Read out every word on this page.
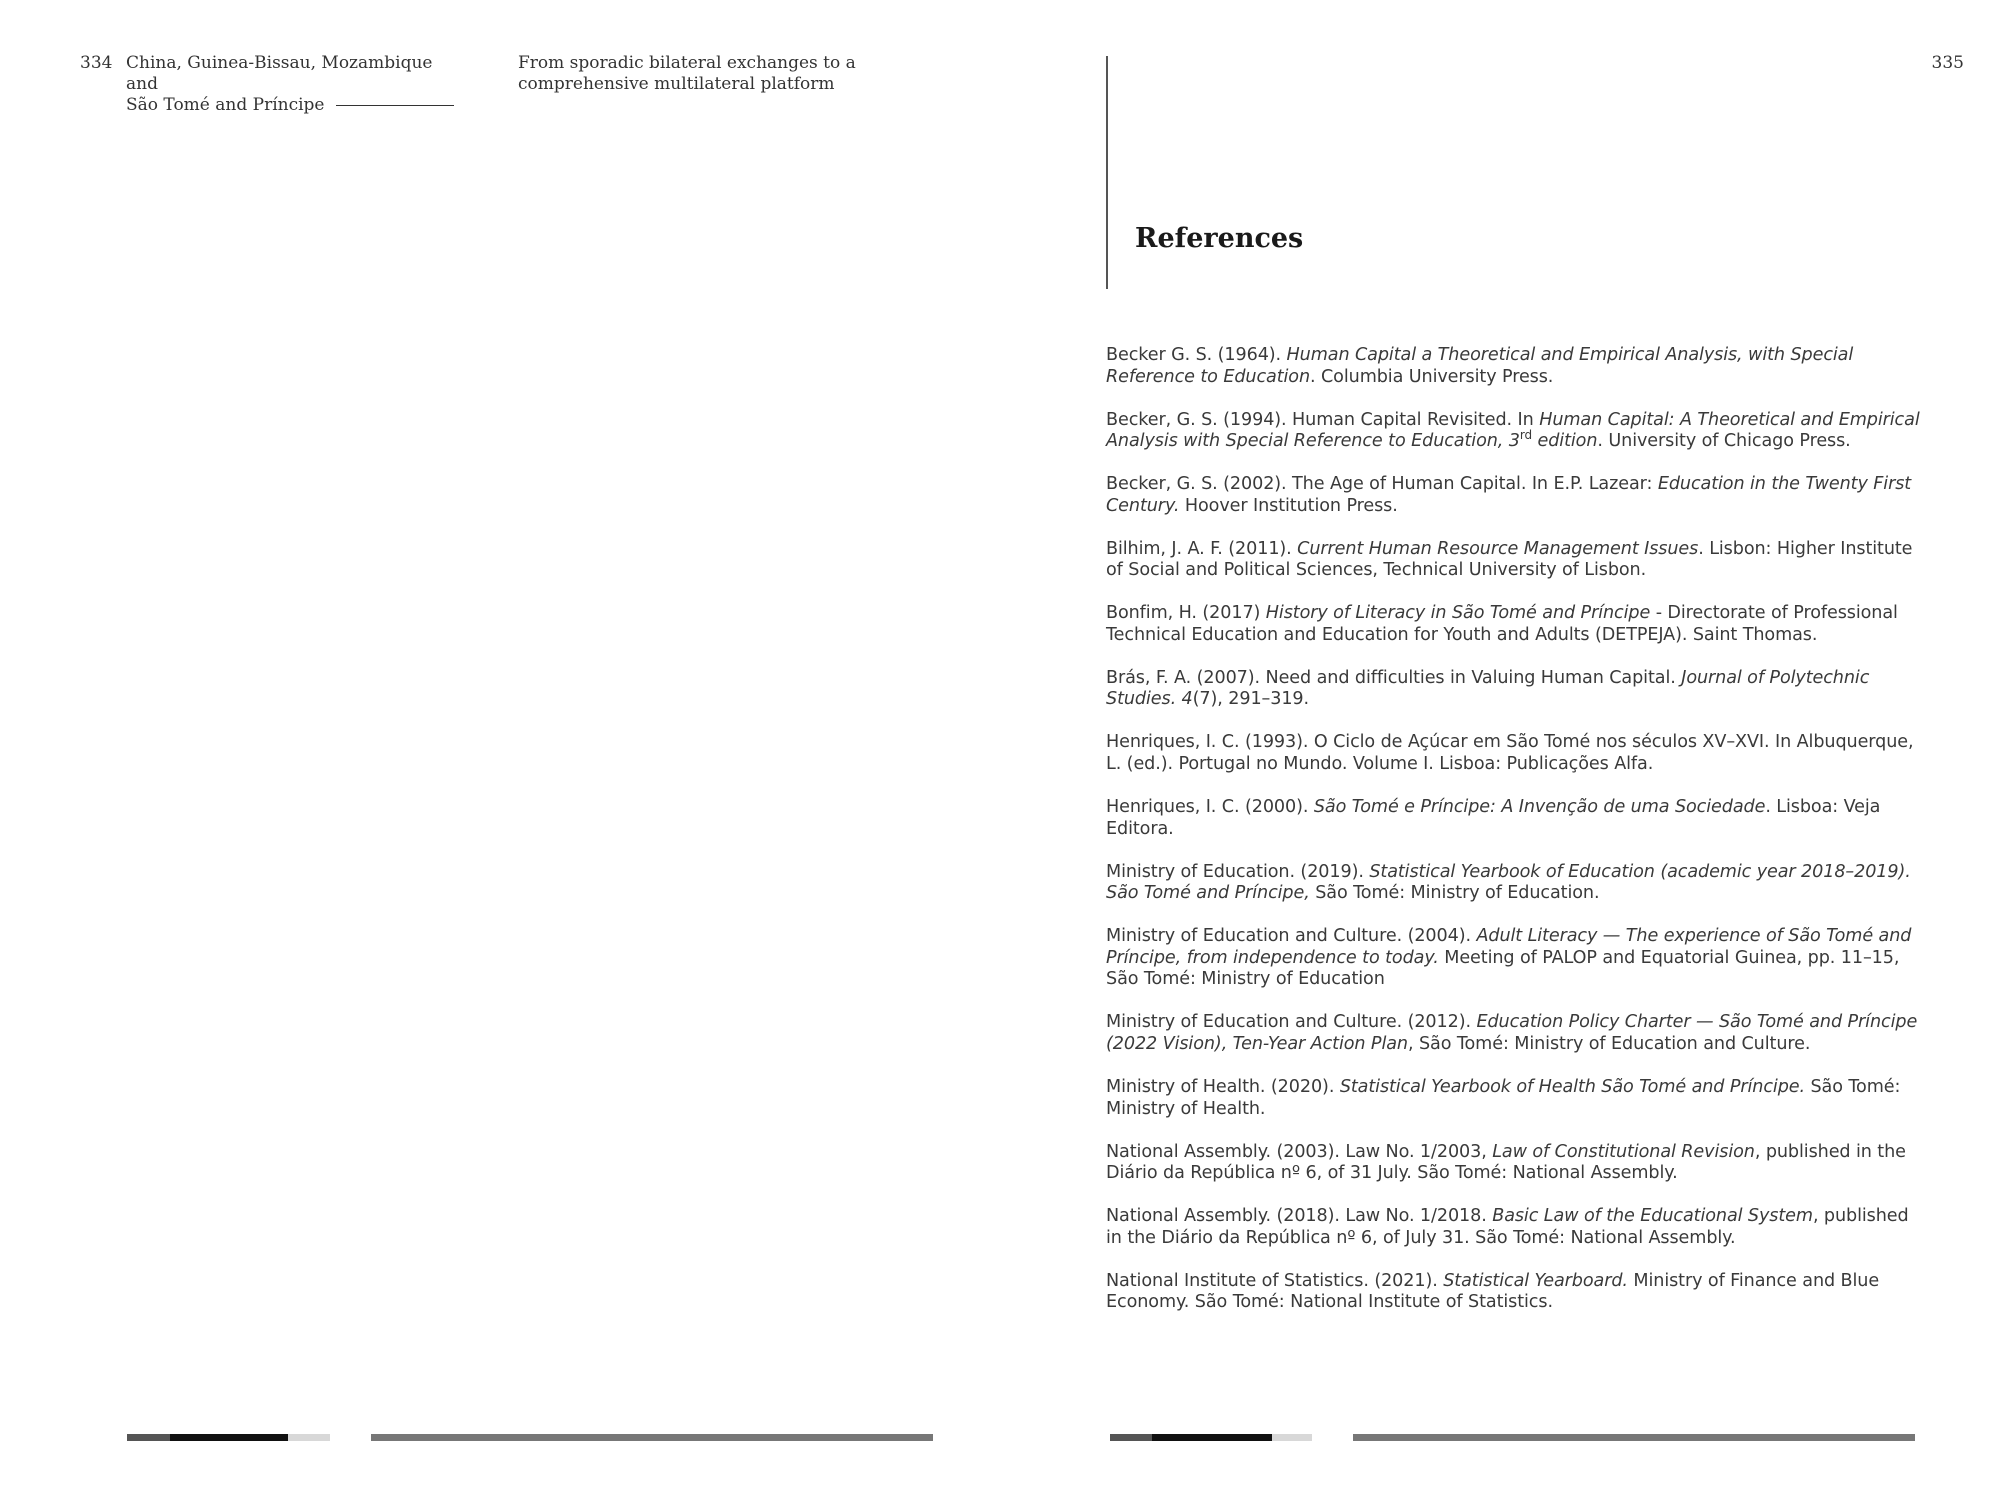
334 China, Guinea-Bissau, Mozambique and
São Tomé and Príncipe
From sporadic bilateral exchanges to a
comprehensive multilateral platform
335
References
Becker G. S. (1964). Human Capital a Theoretical and Empirical Analysis, with Special Reference to Education. Columbia University Press.
Becker, G. S. (1994). Human Capital Revisited. In Human Capital: A Theoretical and Empirical Analysis with Special Reference to Education, 3rd edition. University of Chicago Press.
Becker, G. S. (2002). The Age of Human Capital. In E.P. Lazear: Education in the Twenty First Century. Hoover Institution Press.
Bilhim, J. A. F. (2011). Current Human Resource Management Issues. Lisbon: Higher Institute of Social and Political Sciences, Technical University of Lisbon.
Bonfim, H. (2017) History of Literacy in São Tomé and Príncipe - Directorate of Professional Technical Education and Education for Youth and Adults (DETPEJA). Saint Thomas.
Brás, F. A. (2007). Need and difficulties in Valuing Human Capital. Journal of Polytechnic Studies. 4(7), 291–319.
Henriques, I. C. (1993). O Ciclo de Açúcar em São Tomé nos séculos XV–XVI. In Albuquerque, L. (ed.). Portugal no Mundo. Volume I. Lisboa: Publicações Alfa.
Henriques, I. C. (2000). São Tomé e Príncipe: A Invenção de uma Sociedade. Lisboa: Veja Editora.
Ministry of Education. (2019). Statistical Yearbook of Education (academic year 2018–2019). São Tomé and Príncipe, São Tomé: Ministry of Education.
Ministry of Education and Culture. (2004). Adult Literacy — The experience of São Tomé and Príncipe, from independence to today. Meeting of PALOP and Equatorial Guinea, pp. 11–15, São Tomé: Ministry of Education
Ministry of Education and Culture. (2012). Education Policy Charter — São Tomé and Príncipe (2022 Vision), Ten-Year Action Plan, São Tomé: Ministry of Education and Culture.
Ministry of Health. (2020). Statistical Yearbook of Health São Tomé and Príncipe. São Tomé: Ministry of Health.
National Assembly. (2003). Law No. 1/2003, Law of Constitutional Revision, published in the Diário da República nº 6, of 31 July. São Tomé: National Assembly.
National Assembly. (2018). Law No. 1/2018. Basic Law of the Educational System, published in the Diário da República nº 6, of July 31. São Tomé: National Assembly.
National Institute of Statistics. (2021). Statistical Yearboard. Ministry of Finance and Blue Economy. São Tomé: National Institute of Statistics.
